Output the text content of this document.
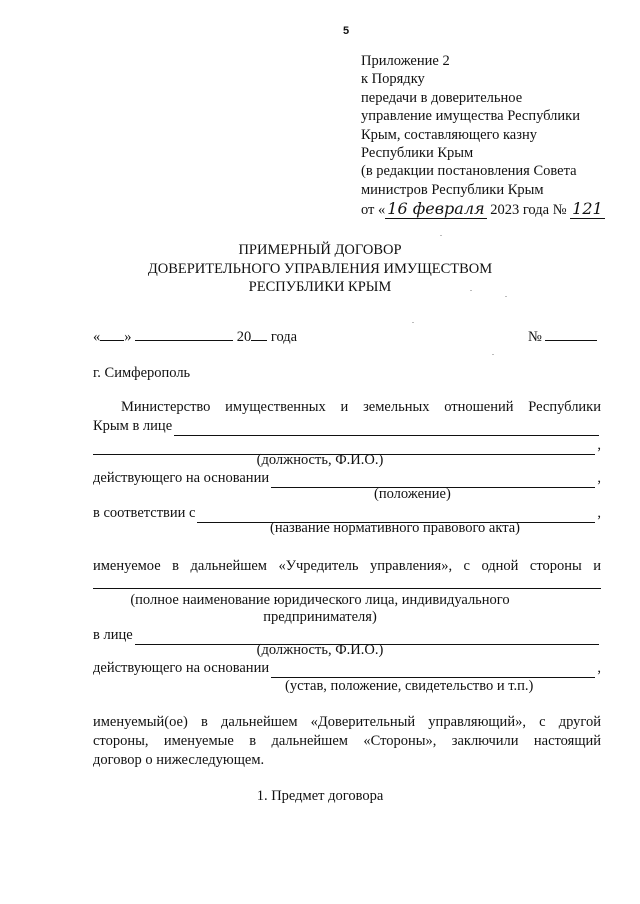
5
Приложение 2
к Порядку
передачи в доверительное
управление имущества Республики
Крым, составляющего казну
Республики Крым
(в редакции постановления Совета
министров Республики Крым
от « 16 февраля 2023 года № 121
ПРИМЕРНЫЙ ДОГОВОР
ДОВЕРИТЕЛЬНОГО УПРАВЛЕНИЯ ИМУЩЕСТВОМ
РЕСПУБЛИКИ КРЫМ
« »	20 года	№
г. Симферополь
Министерство имущественных и земельных отношений Республики
Крым в лице
,
(должность, Ф.И.О.)
действующего на основании	,
(положение)
в соответствии с	,
(название нормативного правового акта)
именуемое в дальнейшем «Учредитель управления», с одной стороны и
(полное наименование юридического лица, индивидуального
предпринимателя)
в лице
(должность, Ф.И.О.)
действующего на основании	,
(устав, положение, свидетельство и т.п.)
именуемый(ое) в дальнейшем «Доверительный управляющий», с другой
стороны, именуемые в дальнейшем «Стороны», заключили настоящий
договор о нижеследующем.
1. Предмет договора
